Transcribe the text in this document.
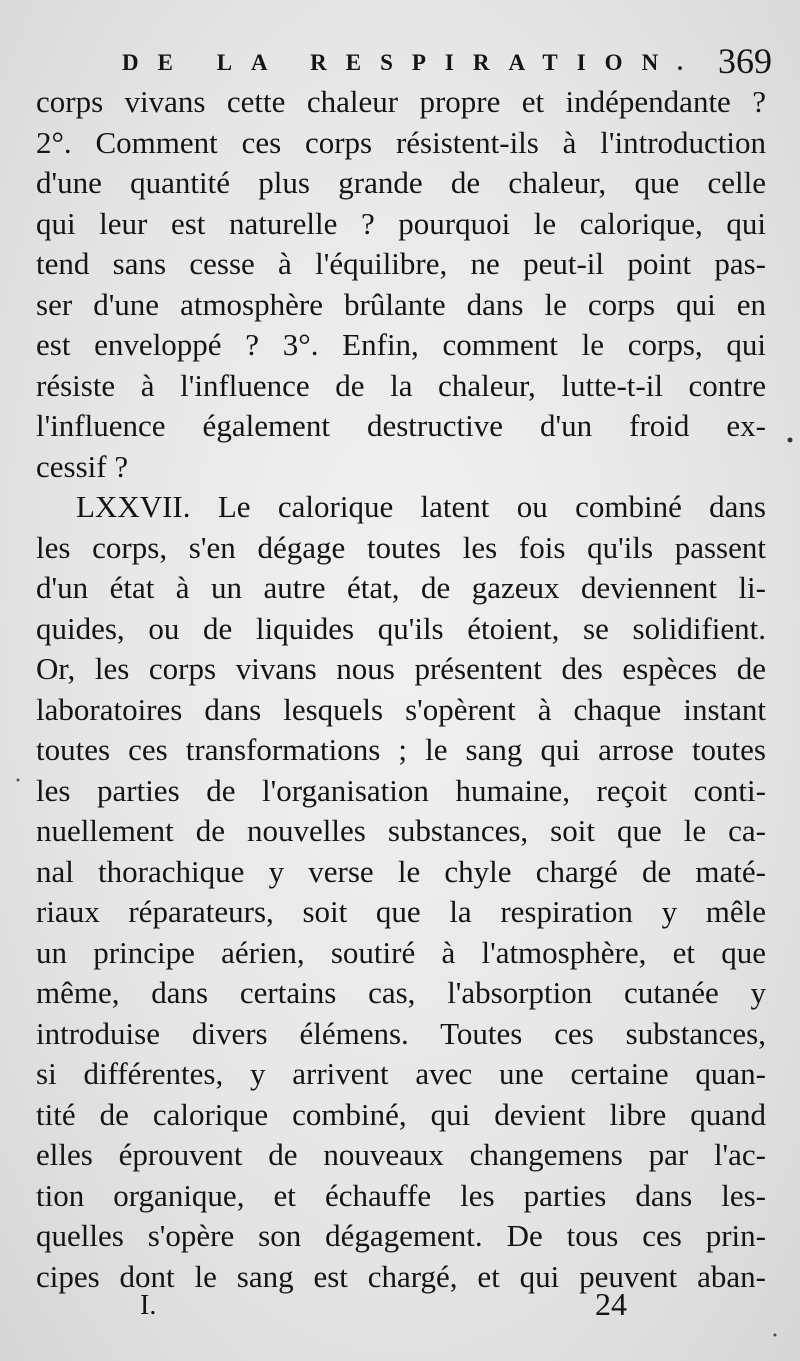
DE LA RESPIRATION. 369
corps vivans cette chaleur propre et indépendante ?
2°. Comment ces corps résistent-ils à l'introduction
d'une quantité plus grande de chaleur, que celle
qui leur est naturelle ? pourquoi le calorique, qui
tend sans cesse à l'équilibre, ne peut-il point pas-
ser d'une atmosphère brûlante dans le corps qui en
est enveloppé ? 3°. Enfin, comment le corps, qui
résiste à l'influence de la chaleur, lutte-t-il contre
l'influence également destructive d'un froid ex-
cessif ?
LXXVII. Le calorique latent ou combiné dans
les corps, s'en dégage toutes les fois qu'ils passent
d'un état à un autre état, de gazeux deviennent li-
quides, ou de liquides qu'ils étoient, se solidifient.
Or, les corps vivans nous présentent des espèces de
laboratoires dans lesquels s'opèrent à chaque instant
toutes ces transformations ; le sang qui arrose toutes
les parties de l'organisation humaine, reçoit conti-
nuellement de nouvelles substances, soit que le ca-
nal thorachique y verse le chyle chargé de maté-
riaux réparateurs, soit que la respiration y mêle
un principe aérien, soutiré à l'atmosphère, et que
même, dans certains cas, l'absorption cutanée y
introduise divers élémens. Toutes ces substances,
si différentes, y arrivent avec une certaine quan-
tité de calorique combiné, qui devient libre quand
elles éprouvent de nouveaux changemens par l'ac-
tion organique, et échauffe les parties dans les-
quelles s'opère son dégagement. De tous ces prin-
cipes dont le sang est chargé, et qui peuvent aban-
I.	24
